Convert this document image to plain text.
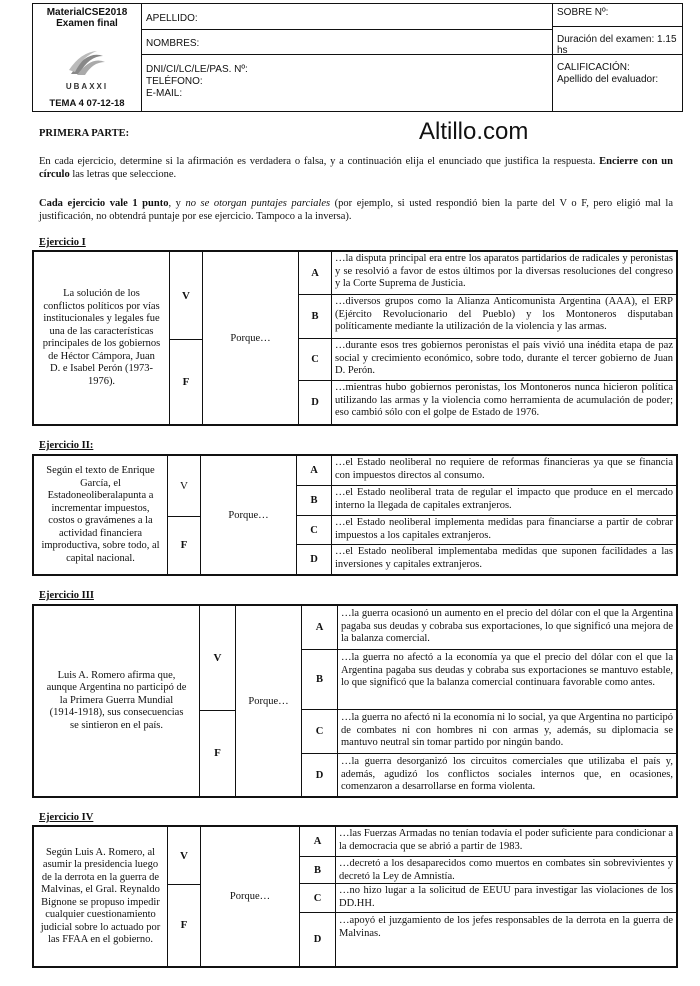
MaterialCSE2018
Examen final
UBAXXI
TEMA 4 07-12-18
APELLIDO:
NOMBRES:
DNI/CI/LC/LE/PAS. Nº:
TELÉFONO:
E-MAIL:
SOBRE Nº:
Duración del examen: 1.15 hs
CALIFICACIÓN:
Apellido del evaluador:
Altillo.com
PRIMERA PARTE:
En cada ejercicio, determine si la afirmación es verdadera o falsa, y a continuación elija el enunciado que justifica la respuesta. Encierre con un círculo las letras que seleccione.
Cada ejercicio vale 1 punto, y no se otorgan puntajes parciales (por ejemplo, si usted respondió bien la parte del V o F, pero eligió mal la justificación, no obtendrá puntaje por ese ejercicio. Tampoco a la inversa).
Ejercicio I
La solución de los conflictos políticos por vías institucionales y legales fue una de las características principales de los gobiernos de Héctor Cámpora, Juan D. e Isabel Perón (1973-1976).
V
F
Porque…
A
…la disputa principal era entre los aparatos partidarios de radicales y peronistas y se resolvió a favor de estos últimos por la diversas resoluciones del congreso y la Corte Suprema de Justicia.
B
…diversos grupos como la Alianza Anticomunista Argentina (AAA), el ERP (Ejército Revolucionario del Pueblo) y los Montoneros disputaban políticamente mediante la utilización de la violencia y las armas.
C
…durante esos tres gobiernos peronistas el país vivió una inédita etapa de paz social y crecimiento económico, sobre todo, durante el tercer gobierno de Juan D. Perón.
D
…mientras hubo gobiernos peronistas, los Montoneros nunca hicieron política utilizando las armas y la violencia como herramienta de acumulación de poder; eso cambió sólo con el golpe de Estado de 1976.
Ejercicio II:
Según el texto de Enrique García, el Estadoneoliberalapunta a incrementar impuestos, costos o gravámenes a la actividad financiera improductiva, sobre todo, al capital nacional.
V
F
Porque…
A
…el Estado neoliberal no requiere de reformas financieras ya que se financia con impuestos directos al consumo.
B
…el Estado neoliberal trata de regular el impacto que produce en el mercado interno la llegada de capitales extranjeros.
C
…el Estado neoliberal implementa medidas para financiarse a partir de cobrar impuestos a los capitales extranjeros.
D
…el Estado neoliberal implementaba medidas que suponen facilidades a las inversiones y capitales extranjeros.
Ejercicio III
Luis A. Romero afirma que, aunque Argentina no participó de la Primera Guerra Mundial (1914-1918), sus consecuencias se sintieron en el país.
V
F
Porque…
A
…la guerra ocasionó un aumento en el precio del dólar con el que la Argentina pagaba sus deudas y cobraba sus exportaciones, lo que significó una mejora de la balanza comercial.
B
…la guerra no afectó a la economía ya que el precio del dólar con el que la Argentina pagaba sus deudas y cobraba sus exportaciones se mantuvo estable, lo que significó que la balanza comercial continuara favorable como antes.
C
…la guerra no afectó ni la economía ni lo social, ya que Argentina no participó de combates ni con hombres ni con armas y, además, su diplomacia se mantuvo neutral sin tomar partido por ningún bando.
D
…la guerra desorganizó los circuitos comerciales que utilizaba el país y, además, agudizó los conflictos sociales internos que, en ocasiones, comenzaron a desarrollarse en forma violenta.
Ejercicio IV
Según Luis A. Romero, al asumir la presidencia luego de la derrota en la guerra de Malvinas, el Gral. Reynaldo Bignone se propuso impedir cualquier cuestionamiento judicial sobre lo actuado por las FFAA en el gobierno.
V
F
Porque…
A
…las Fuerzas Armadas no tenían todavía el poder suficiente para condicionar a la democracia que se abrió a partir de 1983.
B
…decretó a los desaparecidos como muertos en combates sin sobrevivientes y decretó la Ley de Amnistía.
C
…no hizo lugar a la solicitud de EEUU para investigar las violaciones de los DD.HH.
D
…apoyó el juzgamiento de los jefes responsables de la derrota en la guerra de Malvinas.
